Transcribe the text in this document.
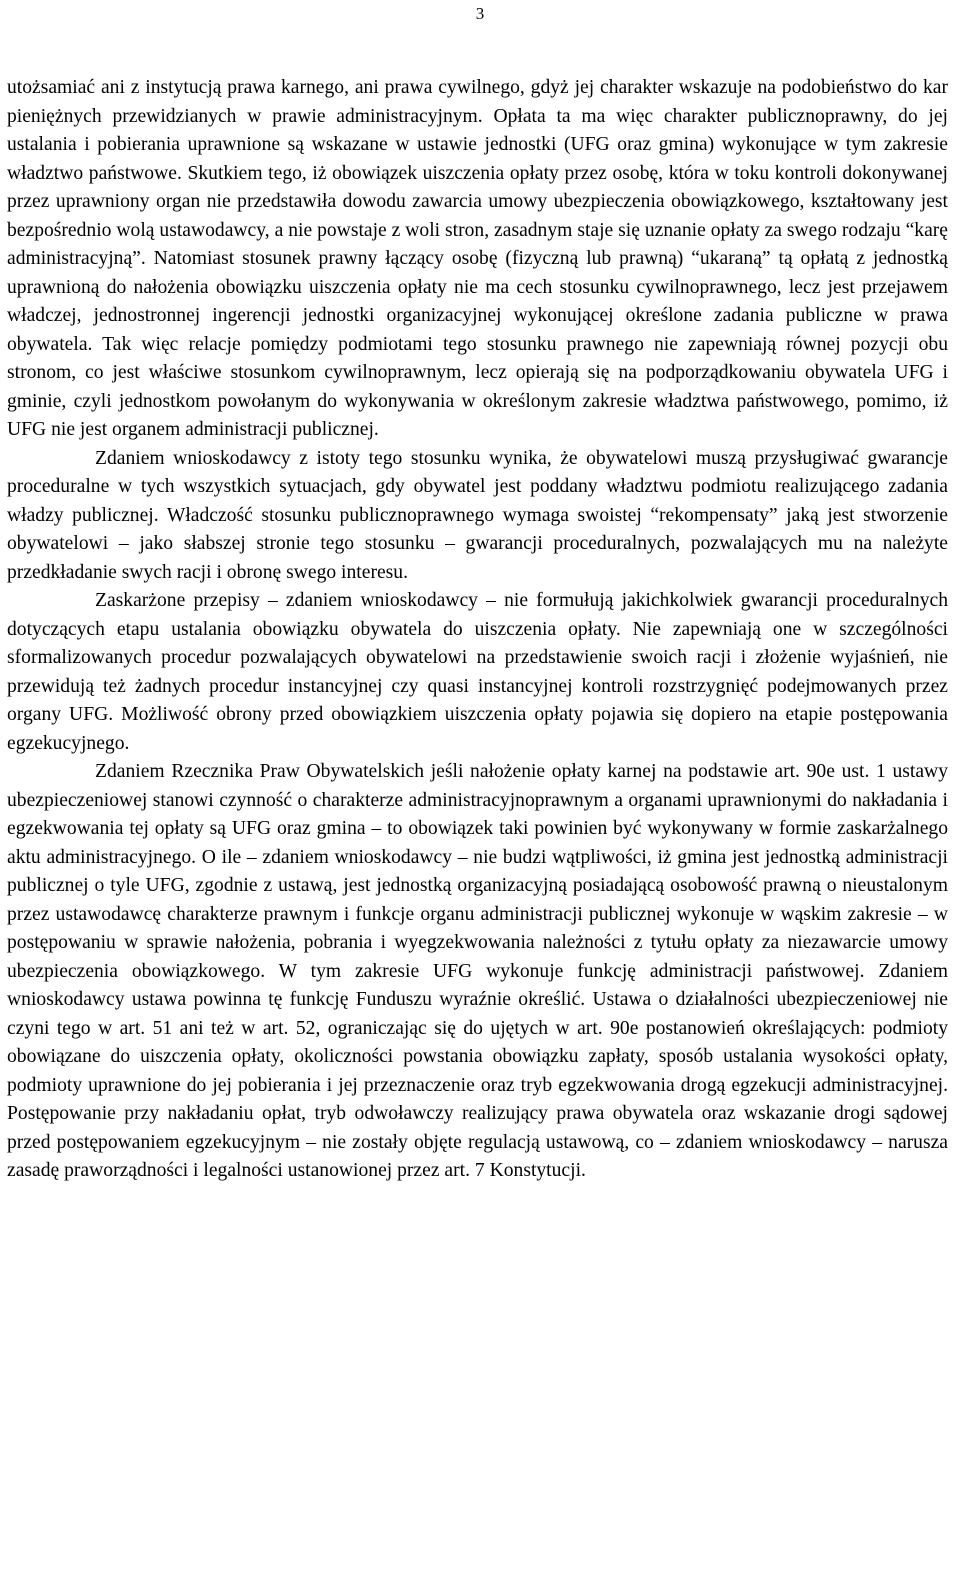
3

utożsamiać ani z instytucją prawa karnego, ani prawa cywilnego, gdyż jej charakter wskazuje na podobieństwo do kar pieniężnych przewidzianych w prawie administracyjnym. Opłata ta ma więc charakter publicznoprawny, do jej ustalania i pobierania uprawnione są wskazane w ustawie jednostki (UFG oraz gmina) wykonujące w tym zakresie władztwo państwowe. Skutkiem tego, iż obowiązek uiszczenia opłaty przez osobę, która w toku kontroli dokonywanej przez uprawniony organ nie przedstawiła dowodu zawarcia umowy ubezpieczenia obowiązkowego, kształtowany jest bezpośrednio wolą ustawodawcy, a nie powstaje z woli stron, zasadnym staje się uznanie opłaty za swego rodzaju “karę administracyjną”. Natomiast stosunek prawny łączący osobę (fizyczną lub prawną) “ukaraną” tą opłatą z jednostką uprawnioną do nałożenia obowiązku uiszczenia opłaty nie ma cech stosunku cywilnoprawnego, lecz jest przejawem władczej, jednostronnej ingerencji jednostki organizacyjnej wykonującej określone zadania publiczne w prawa obywatela. Tak więc relacje pomiędzy podmiotami tego stosunku prawnego nie zapewniają równej pozycji obu stronom, co jest właściwe stosunkom cywilnoprawnym, lecz opierają się na podporządkowaniu obywatela UFG i gminie, czyli jednostkom powołanym do wykonywania w określonym zakresie władztwa państwowego, pomimo, iż UFG nie jest organem administracji publicznej.

Zdaniem wnioskodawcy z istoty tego stosunku wynika, że obywatelowi muszą przysługiwać gwarancje proceduralne w tych wszystkich sytuacjach, gdy obywatel jest poddany władztwu podmiotu realizującego zadania władzy publicznej. Władczość stosunku publicznoprawnego wymaga swoistej “rekompensaty” jaką jest stworzenie obywatelowi – jako słabszej stronie tego stosunku – gwarancji proceduralnych, pozwalających mu na należyte przedkładanie swych racji i obronę swego interesu.

Zaskarżone przepisy – zdaniem wnioskodawcy – nie formułują jakichkolwiek gwarancji proceduralnych dotyczących etapu ustalania obowiązku obywatela do uiszczenia opłaty. Nie zapewniają one w szczególności sformalizowanych procedur pozwalających obywatelowi na przedstawienie swoich racji i złożenie wyjaśnień, nie przewidują też żadnych procedur instancyjnej czy quasi instancyjnej kontroli rozstrzygnięć podejmowanych przez organy UFG. Możliwość obrony przed obowiązkiem uiszczenia opłaty pojawia się dopiero na etapie postępowania egzekucyjnego.

Zdaniem Rzecznika Praw Obywatelskich jeśli nałożenie opłaty karnej na podstawie art. 90e ust. 1 ustawy ubezpieczeniowej stanowi czynność o charakterze administracyjnoprawnym a organami uprawnionymi do nakładania i egzekwowania tej opłaty są UFG oraz gmina – to obowiązek taki powinien być wykonywany w formie zaskarżalnego aktu administracyjnego. O ile – zdaniem wnioskodawcy – nie budzi wątpliwości, iż gmina jest jednostką administracji publicznej o tyle UFG, zgodnie z ustawą, jest jednostką organizacyjną posiadającą osobowość prawną o nieustalonym przez ustawodawcę charakterze prawnym i funkcje organu administracji publicznej wykonuje w wąskim zakresie – w postępowaniu w sprawie nałożenia, pobrania i wyegzekwowania należności z tytułu opłaty za niezawarcie umowy ubezpieczenia obowiązkowego. W tym zakresie UFG wykonuje funkcję administracji państwowej. Zdaniem wnioskodawcy ustawa powinna tę funkcję Funduszu wyraźnie określić. Ustawa o działalności ubezpieczeniowej nie czyni tego w art. 51 ani też w art. 52, ograniczając się do ujętych w art. 90e postanowień określających: podmioty obowiązane do uiszczenia opłaty, okoliczności powstania obowiązku zapłaty, sposób ustalania wysokości opłaty, podmioty uprawnione do jej pobierania i jej przeznaczenie oraz tryb egzekwowania drogą egzekucji administracyjnej. Postępowanie przy nakładaniu opłat, tryb odwoławczy realizujący prawa obywatela oraz wskazanie drogi sądowej przed postępowaniem egzekucyjnym – nie zostały objęte regulacją ustawową, co – zdaniem wnioskodawcy – narusza zasadę praworządności i legalności ustanowionej przez art. 7 Konstytucji.
